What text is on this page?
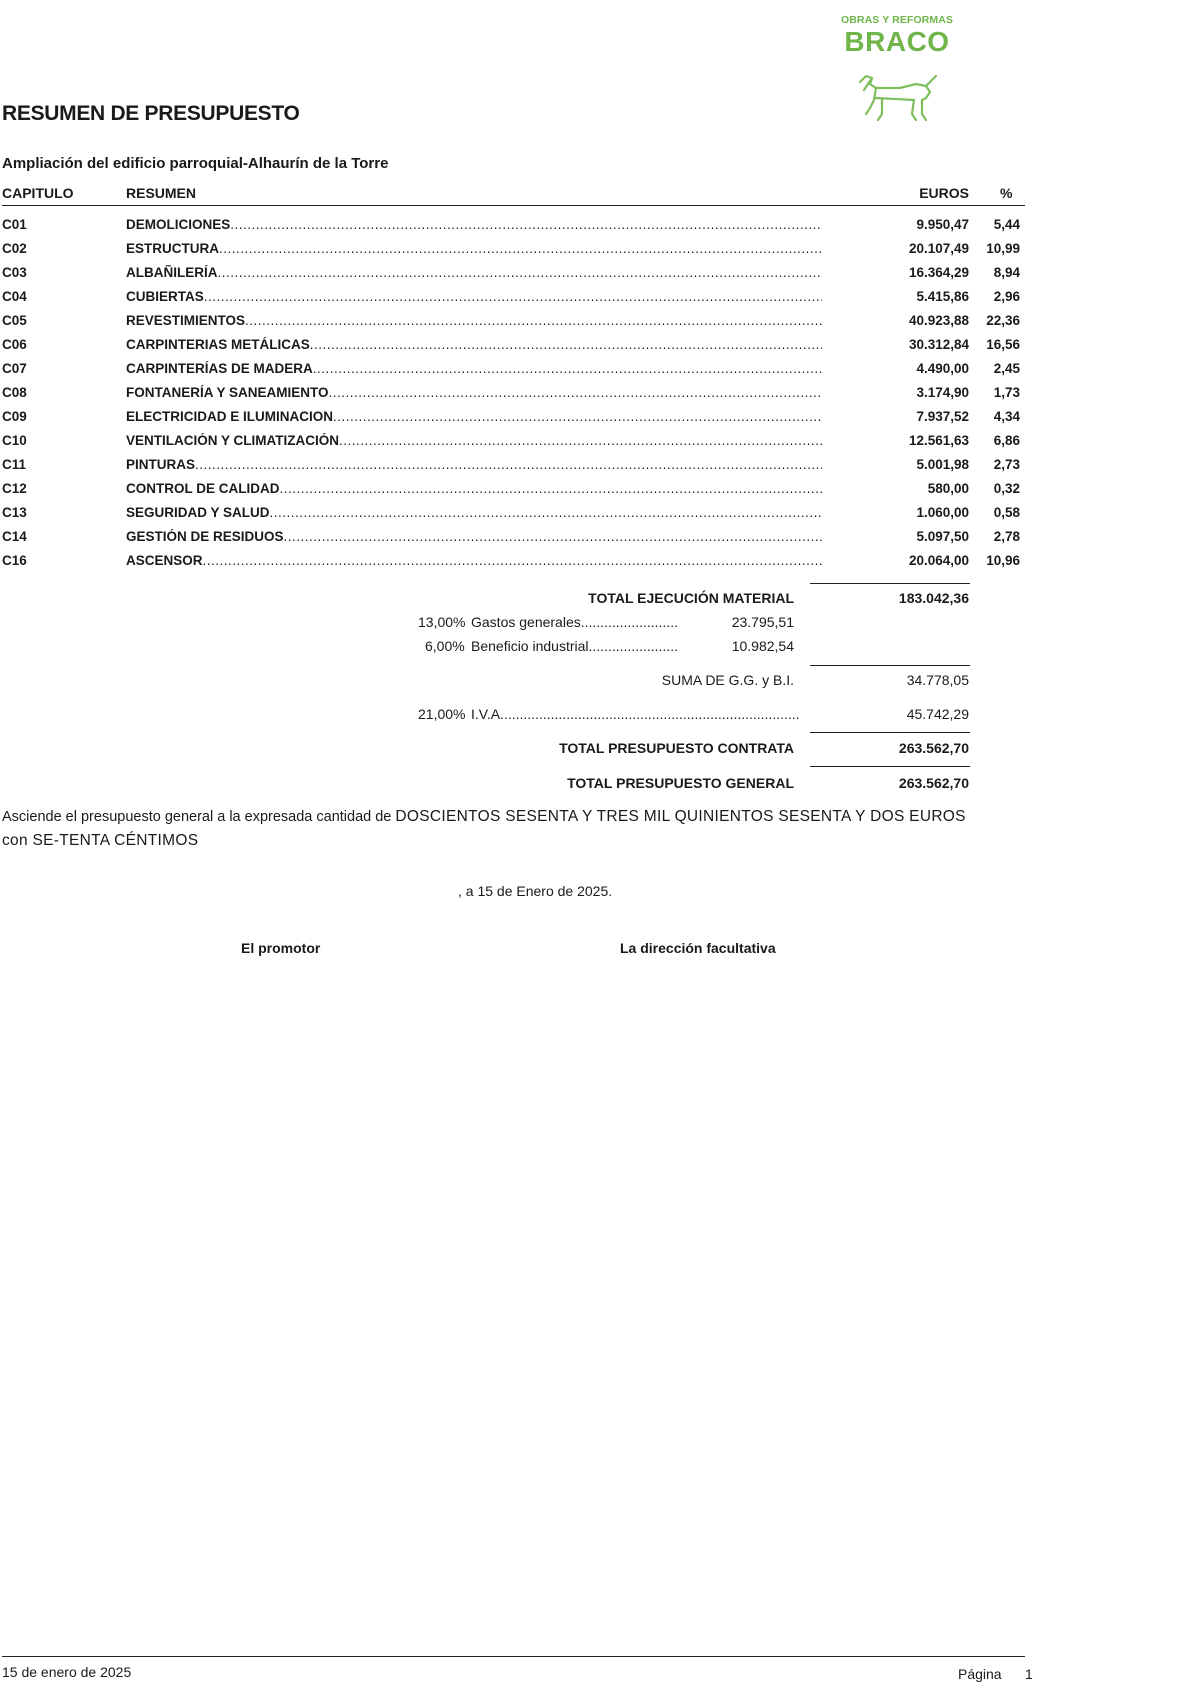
OBRAS Y REFORMAS
BRACO
RESUMEN DE PRESUPUESTO
Ampliación del edificio parroquial-Alhaurín de la Torre
CAPITULO	RESUMEN	EUROS %
C01	DEMOLICIONES .....	9.950,47 5,44
C02	ESTRUCTURA .....	20.107,49 10,99
C03	ALBAÑILERÍA .....	16.364,29 8,94
C04	CUBIERTAS .....	5.415,86 2,96
C05	REVESTIMIENTOS .....	40.923,88 22,36
C06	CARPINTERIAS METÁLICAS .....	30.312,84 16,56
C07	CARPINTERÍAS DE MADERA .....	4.490,00 2,45
C08	FONTANERÍA Y SANEAMIENTO .....	3.174,90 1,73
C09	ELECTRICIDAD E ILUMINACION .....	7.937,52 4,34
C10	VENTILACIÓN Y CLIMATIZACIÓN .....	12.561,63 6,86
C11	PINTURAS .....	5.001,98 2,73
C12	CONTROL DE CALIDAD .....	580,00 0,32
C13	SEGURIDAD Y SALUD .....	1.060,00 0,58
C14	GESTIÓN DE RESIDUOS .....	5.097,50 2,78
C16	ASCENSOR .....	20.064,00 10,96
TOTAL EJECUCIÓN MATERIAL	183.042,36
13,00% Gastos generales .....	23.795,51
6,00% Beneficio industrial .....	10.982,54
SUMA DE G.G. y B.I.	34.778,05
21,00% I.V.A. .....	45.742,29
TOTAL PRESUPUESTO CONTRATA	263.562,70
TOTAL PRESUPUESTO GENERAL	263.562,70
Asciende el presupuesto general a la expresada cantidad de DOSCIENTOS SESENTA Y TRES MIL QUINIENTOS SESENTA Y DOS EUROS con SE-TENTA CÉNTIMOS
, a 15 de Enero de 2025.
El promotor	La dirección facultativa
15 de enero de 2025	Página 1
